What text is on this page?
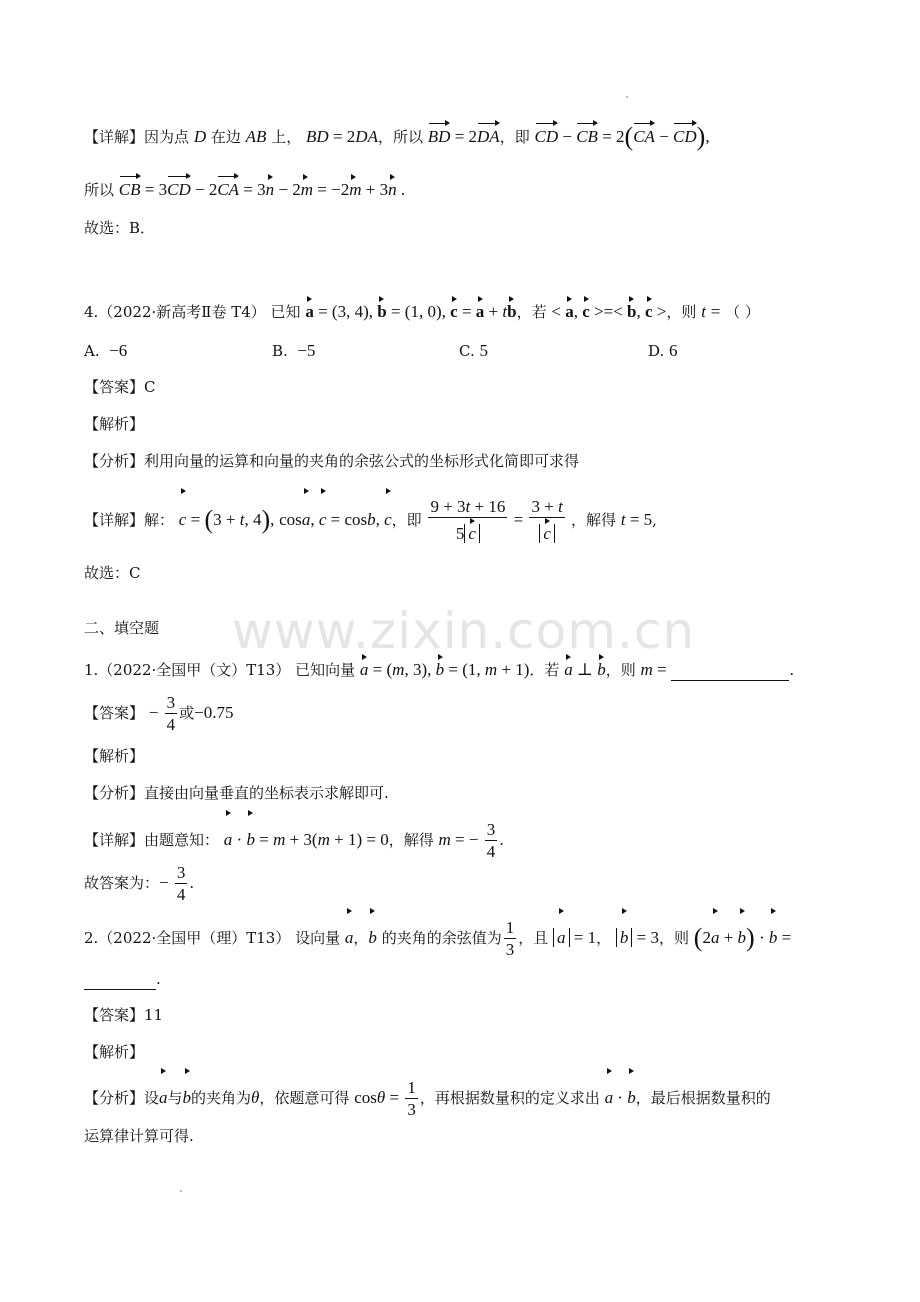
www.zixin.com.cn
【详解】因为点 D 在边 AB 上， BD = 2DA，所以 BD = 2DA，即 CD − CB = 2(CA − CD),
所以 CB = 3CD − 2CA = 3n − 2m = −2m + 3n .
故选：B．
4.（2022·新高考Ⅱ卷 T4） 已知 a = (3, 4), b = (1, 0), c = a + tb，若 < a, c >=< b, c >，则 t = （ ）
A. −6	B. −5	C. 5	D. 6
【答案】C
【解析】
【分析】利用向量的运算和向量的夹角的余弦公式的坐标形式化简即可求得
【详解】解： c = (3 + t, 4), cosa, c = cosb, c，即 $\frac{9 + 3t + 16}{5 c} = \frac{3 + t}{c}$ ，解得 t = 5,
故选：C
二、填空题
1.（2022·全国甲（文）T13） 已知向量 a = (m, 3), b = (1, m + 1)．若 a ⊥ b，则 m =	.
【答案】 − $\frac{3}{4}$ 或−0.75
【解析】
【分析】直接由向量垂直的坐标表示求解即可.
【详解】由题意知： a · b = m + 3(m + 1) = 0，解得 m = − $\frac{3}{4}$ .
故答案为：− $\frac{3}{4}$ .
2.（2022·全国甲（理）T13） 设向量 a，b 的夹角的余弦值为 $\frac{1}{3}$ ，且 a = 1， b = 3，则 (2a + b) · b =
.
【答案】11
【解析】
【分析】设a与b的夹角为θ，依题意可得 $\cos\theta = \frac{1}{3}$ ，再根据数量积的定义求出 a · b，最后根据数量积的
运算律计算可得.
